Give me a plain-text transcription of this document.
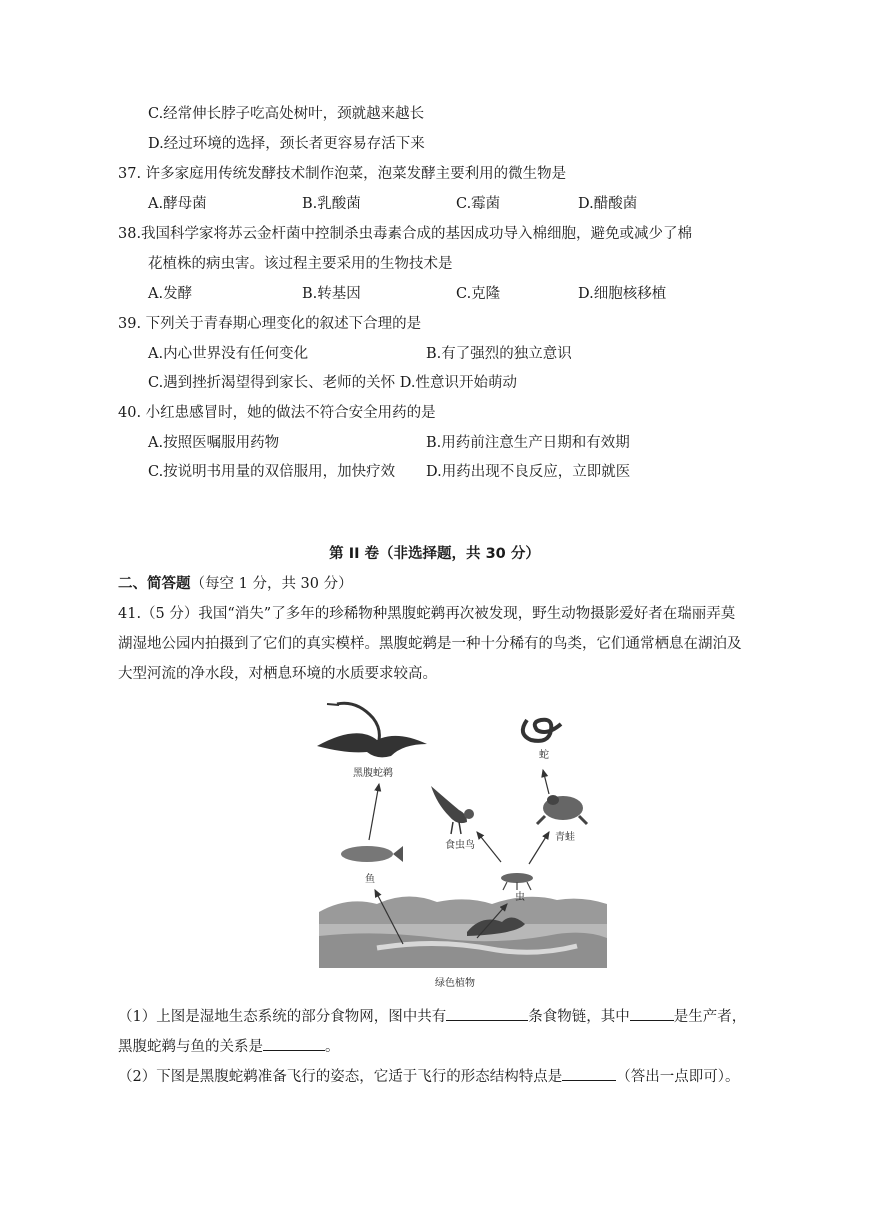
C.经常伸长脖子吃高处树叶，颈就越来越长
D.经过环境的选择，颈长者更容易存活下来
37. 许多家庭用传统发酵技术制作泡菜，泡菜发酵主要利用的微生物是
A.酵母菌	B.乳酸菌	C.霉菌	D.醋酸菌
38.我国科学家将苏云金杆菌中控制杀虫毒素合成的基因成功导入棉细胞，避免或减少了棉
花植株的病虫害。该过程主要采用的生物技术是
A.发酵	B.转基因	C.克隆	D.细胞核移植
39. 下列关于青春期心理变化的叙述下合理的是
A.内心世界没有任何变化	B.有了强烈的独立意识
C.遇到挫折渴望得到家长、老师的关怀 D.性意识开始萌动
40. 小红患感冒时，她的做法不符合安全用药的是
A.按照医嘱服用药物	B.用药前注意生产日期和有效期
C.按说明书用量的双倍服用，加快疗效 D.用药出现不良反应，立即就医
第 II 卷（非选择题，共 30 分）
二、简答题（每空 1 分，共 30 分）
41.（5 分）我国“消失”了多年的珍稀物种黑腹蛇鹈再次被发现，野生动物摄影爱好者在瑞丽弄莫
湖湿地公园内拍摄到了它们的真实模样。黑腹蛇鹈是一种十分稀有的鸟类，它们通常栖息在湖泊及
大型河流的净水段，对栖息环境的水质要求较高。
黑腹蛇鹈
蛇
食虫鸟
青蛙
鱼
虫
绿色植物
（1）上图是湿地生态系统的部分食物网，图中共有	条食物链，其中	是生产者，
黑腹蛇鹈与鱼的关系是	。
（2）下图是黑腹蛇鹈准备飞行的姿态，它适于飞行的形态结构特点是	（答出一点即可）。
